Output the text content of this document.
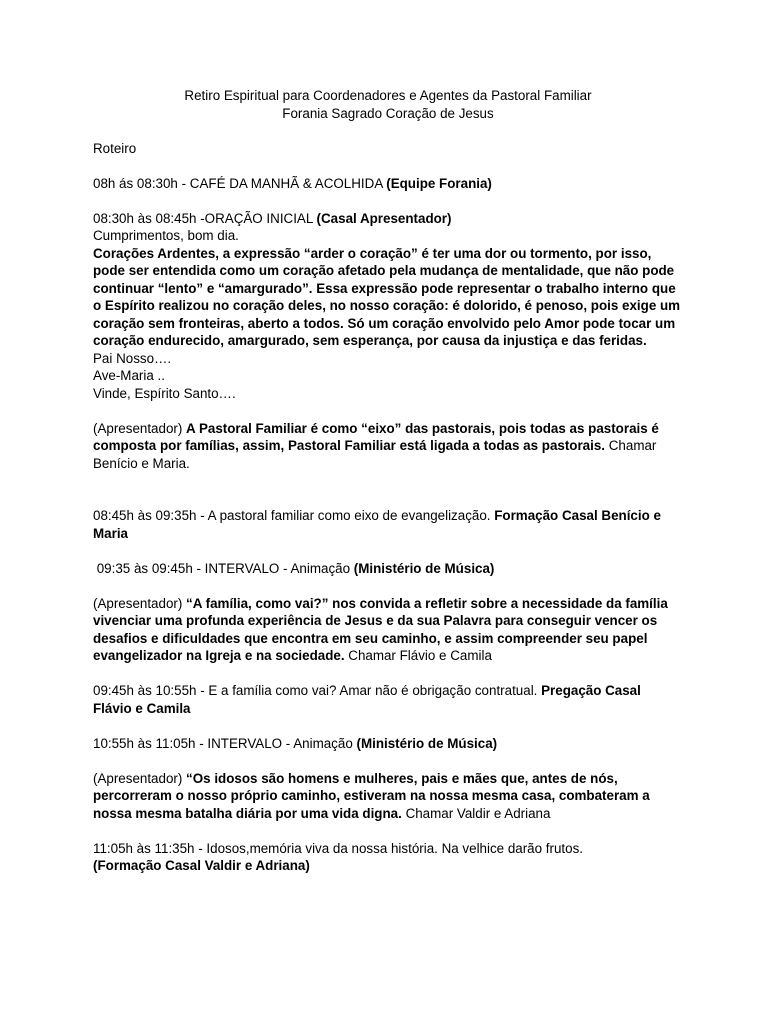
Retiro Espiritual para Coordenadores e Agentes da Pastoral Familiar

Forania Sagrado Coração de Jesus

Roteiro

08h ás 08:30h - CAFÉ DA MANHÃ & ACOLHIDA (Equipe Forania)

08:30h às 08:45h -ORAÇÃO INICIAL (Casal Apresentador)
Cumprimentos, bom dia.
Corações Ardentes, a expressão “arder o coração” é ter uma dor ou tormento, por isso, pode ser entendida como um coração afetado pela mudança de mentalidade, que não pode continuar “lento” e “amargurado”. Essa expressão pode representar o trabalho interno que o Espírito realizou no coração deles, no nosso coração: é dolorido, é penoso, pois exige um coração sem fronteiras, aberto a todos. Só um coração envolvido pelo Amor pode tocar um coração endurecido, amargurado, sem esperança, por causa da injustiça e das feridas.
Pai Nosso….
Ave-Maria ..
Vinde, Espírito Santo….

(Apresentador) A Pastoral Familiar é como “eixo” das pastorais, pois todas as pastorais é composta por famílias, assim, Pastoral Familiar está ligada a todas as pastorais. Chamar Benício e Maria.

08:45h às 09:35h - A pastoral familiar como eixo de evangelização. Formação Casal Benício e Maria

09:35 às 09:45h - INTERVALO - Animação (Ministério de Música)

(Apresentador) “A família, como vai?” nos convida a refletir sobre a necessidade da família vivenciar uma profunda experiência de Jesus e da sua Palavra para conseguir vencer os desafios e dificuldades que encontra em seu caminho, e assim compreender seu papel evangelizador na Igreja e na sociedade. Chamar Flávio e Camila

09:45h às 10:55h - E a família como vai? Amar não é obrigação contratual. Pregação Casal Flávio e Camila

10:55h às 11:05h - INTERVALO - Animação (Ministério de Música)

(Apresentador) “Os idosos são homens e mulheres, pais e mães que, antes de nós, percorreram o nosso próprio caminho, estiveram na nossa mesma casa, combateram a nossa mesma batalha diária por uma vida digna. Chamar Valdir e Adriana

11:05h às 11:35h - Idosos,memória viva da nossa história. Na velhice darão frutos.
(Formação Casal Valdir e Adriana)
